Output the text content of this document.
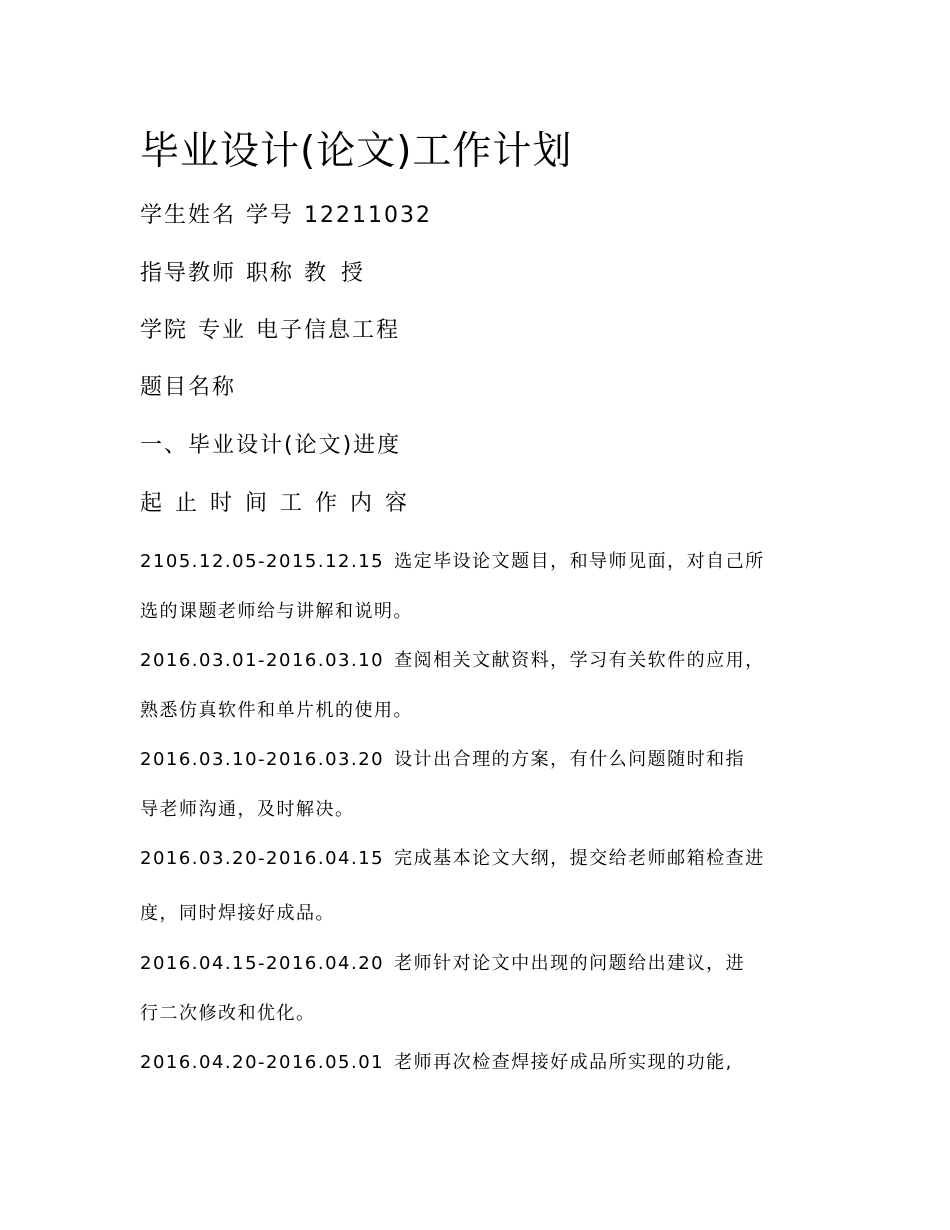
毕业设计(论文)工作计划
学生姓名 学号 12211032
指导教师 职称 教 授
学院 专业 电子信息工程
题目名称
一、毕业设计(论文)进度
起止时间工作内容
2105.12.05-2015.12.15 选定毕设论文题目，和导师见面，对自己所
选的课题老师给与讲解和说明。
2016.03.01-2016.03.10 查阅相关文献资料，学习有关软件的应用，
熟悉仿真软件和单片机的使用。
2016.03.10-2016.03.20 设计出合理的方案，有什么问题随时和指
导老师沟通，及时解决。
2016.03.20-2016.04.15 完成基本论文大纲，提交给老师邮箱检查进
度，同时焊接好成品。
2016.04.15-2016.04.20 老师针对论文中出现的问题给出建议，进
行二次修改和优化。
2016.04.20-2016.05.01 老师再次检查焊接好成品所实现的功能,
